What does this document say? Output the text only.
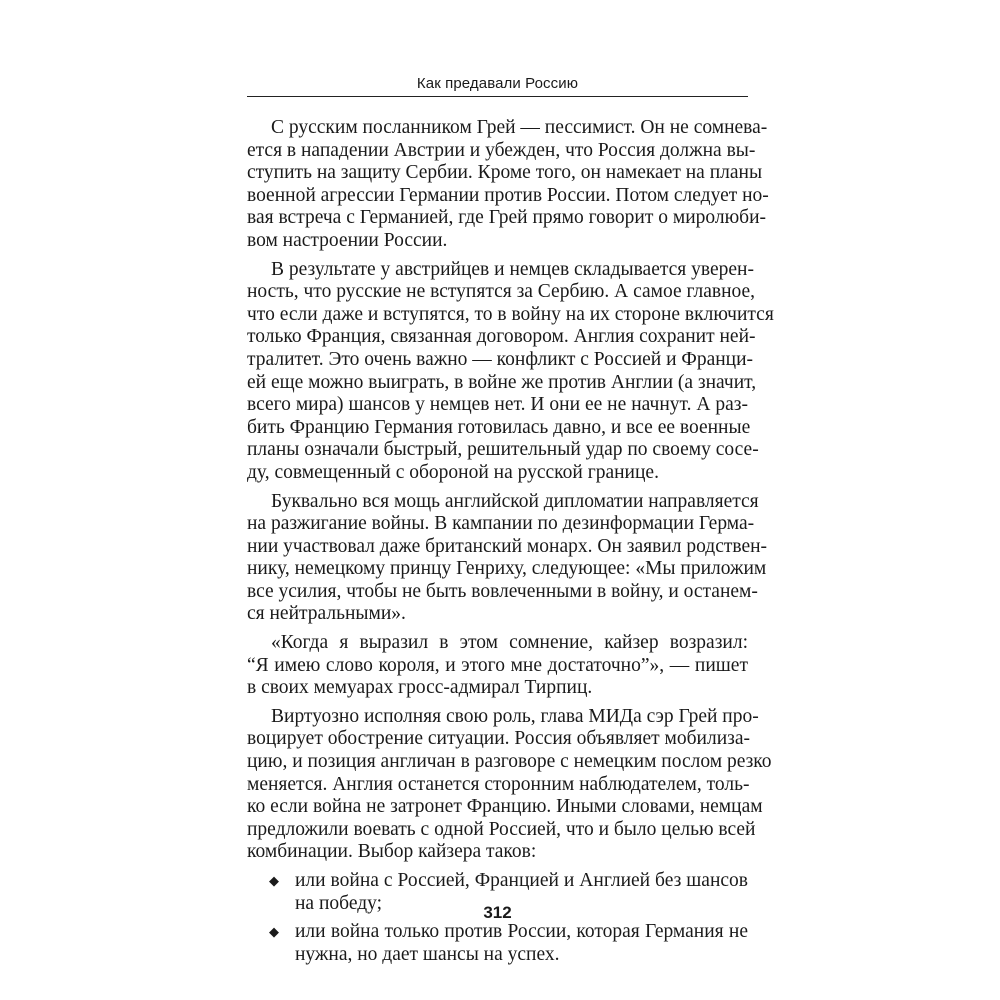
Как предавали Россию

С русским посланником Грей — пессимист. Он не сомнева-
ется в нападении Австрии и убежден, что Россия должна вы-
ступить на защиту Сербии. Кроме того, он намекает на планы
военной агрессии Германии против России. Потом следует но-
вая встреча с Германией, где Грей прямо говорит о миролюби-
вом настроении России.

В результате у австрийцев и немцев складывается уверен-
ность, что русские не вступятся за Сербию. А самое главное,
что если даже и вступятся, то в войну на их стороне включится
только Франция, связанная договором. Англия сохранит ней-
тралитет. Это очень важно — конфликт с Россией и Франци-
ей еще можно выиграть, в войне же против Англии (а значит,
всего мира) шансов у немцев нет. И они ее не начнут. А раз-
бить Францию Германия готовилась давно, и все ее военные
планы означали быстрый, решительный удар по своему сосе-
ду, совмещенный с обороной на русской границе.

Буквально вся мощь английской дипломатии направляется
на разжигание войны. В кампании по дезинформации Герма-
нии участвовал даже британский монарх. Он заявил родствен-
нику, немецкому принцу Генриху, следующее: «Мы приложим
все усилия, чтобы не быть вовлеченными в войну, и останем-
ся нейтральными».

«Когда я выразил в этом сомнение, кайзер возразил:
“Я имею слово короля, и этого мне достаточно”», — пишет
в своих мемуарах гросс-адмирал Тирпиц.

Виртуозно исполняя свою роль, глава МИДа сэр Грей про-
воцирует обострение ситуации. Россия объявляет мобилиза-
цию, и позиция англичан в разговоре с немецким послом резко
меняется. Англия останется сторонним наблюдателем, толь-
ко если война не затронет Францию. Иными словами, немцам
предложили воевать с одной Россией, что и было целью всей
комбинации. Выбор кайзера таков:

◆ или война с Россией, Францией и Англией без шансов
на победу;
◆ или война только против России, которая Германия не
нужна, но дает шансы на успех.
312
